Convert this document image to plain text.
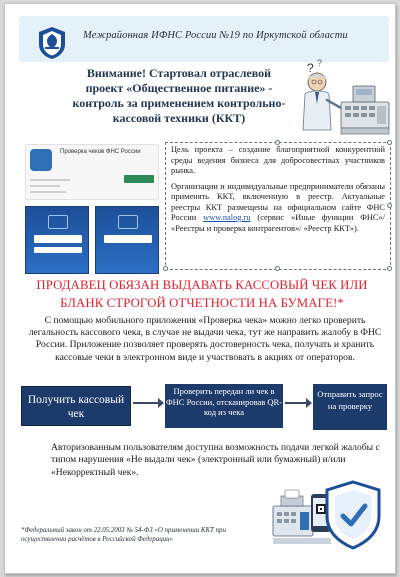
Межрайонная ИФНС России №19 по Иркутской области
Внимание! Стартовал отраслевой
проект «Общественное питание» -
контроль за применением контрольно-
кассовой техники (ККТ)
? ?
Проверка чеков ФНС России	Цель проекта – создание благоприятной конкурентной среды ведения бизнеса для добросовестных участников рынка.

Организации и индивидуальные предприниматели обязаны применять ККТ, включенную в реестр. Актуальные реестры ККТ размещены на официальном сайте ФНС России www.nalog.ru (сервис «Иные функции ФНС»/ «Реестры и проверка контрагентов»/ «Реестр ККТ»).

ПРОДАВЕЦ ОБЯЗАН ВЫДАВАТЬ КАССОВЫЙ ЧЕК ИЛИ
БЛАНК СТРОГОЙ ОТЧЕТНОСТИ НА БУМАГЕ!*
С помощью мобильного приложения «Проверка чека» можно легко проверить легальность кассового чека, в случае не выдачи чека, тут же направить жалобу в ФНС России. Приложение позволяет проверять достоверность чека, получать и хранить кассовые чеки в электронном виде и участвовать в акциях от операторов.
Получить кассовый чек
Проверить передан ли чек в ФНС России, отсканировав QR-код из чека
Отправить запрос на проверку
Авторизованным пользователям доступна возможность подачи легкой жалобы с типом нарушения «Не выдали чек» (электронный или бумажный) и/или «Некорректный чек».
*Федеральный закон от 22.05.2003 № 54-ФЗ «О применении ККТ при осуществлении расчётов в Российской Федерации»
